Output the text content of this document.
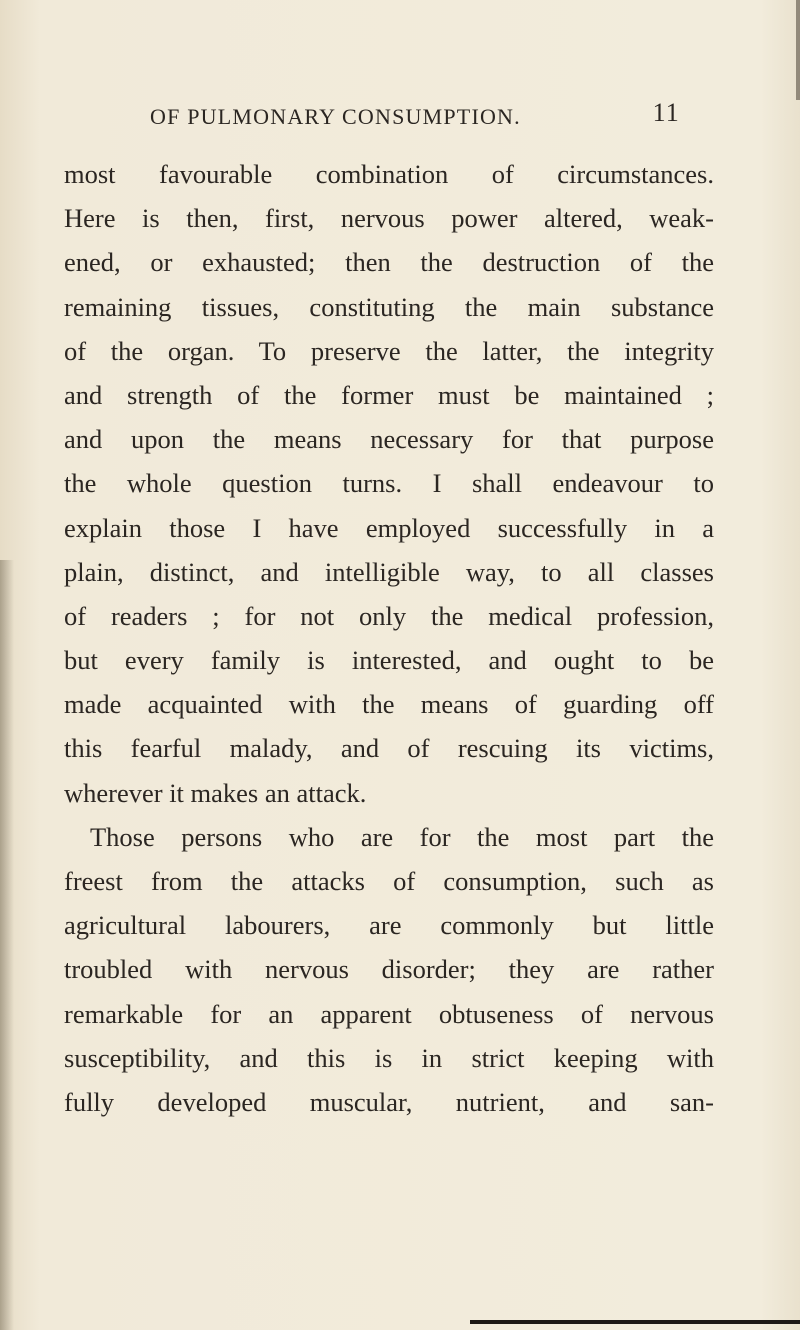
OF PULMONARY CONSUMPTION.	11
most favourable combination of circumstances.
Here is then, first, nervous power altered, weak-
ened, or exhausted; then the destruction of the
remaining tissues, constituting the main substance
of the organ. To preserve the latter, the integrity
and strength of the former must be maintained ;
and upon the means necessary for that purpose
the whole question turns. I shall endeavour to
explain those I have employed successfully in a
plain, distinct, and intelligible way, to all classes
of readers ; for not only the medical profession,
but every family is interested, and ought to be
made acquainted with the means of guarding off
this fearful malady, and of rescuing its victims,
wherever it makes an attack.
Those persons who are for the most part the
freest from the attacks of consumption, such as
agricultural labourers, are commonly but little
troubled with nervous disorder; they are rather
remarkable for an apparent obtuseness of nervous
susceptibility, and this is in strict keeping with
fully developed muscular, nutrient, and san-
